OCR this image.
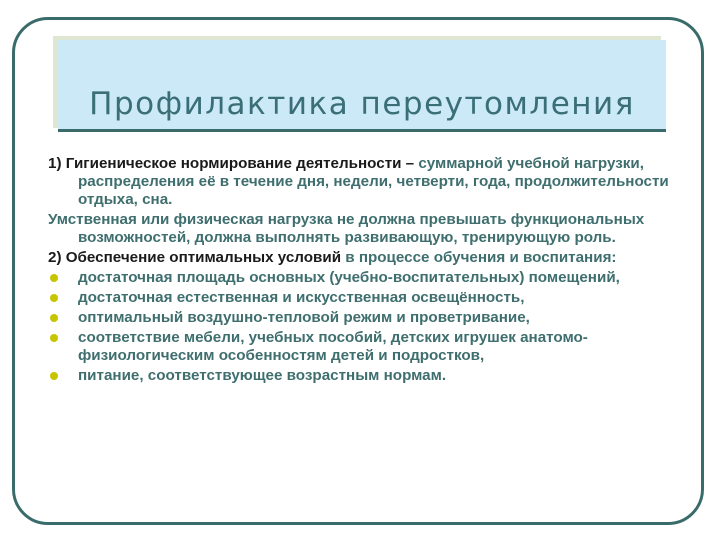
Профилактика переутомления

1) Гигиеническое нормирование деятельности – суммарной учебной нагрузки, распределения её в течение дня, недели, четверти, года, продолжительности отдыха, сна.

Умственная или физическая нагрузка не должна превышать функциональных возможностей, должна выполнять развивающую, тренирующую роль.

2) Обеспечение оптимальных условий в процессе обучения и воспитания:

достаточная площадь основных (учебно-воспитательных) помещений,
достаточная естественная и искусственная освещённость,
оптимальный воздушно-тепловой режим и проветривание,
соответствие мебели, учебных пособий, детских игрушек анатомо-физиологическим особенностям детей и подростков,
питание, соответствующее возрастным нормам.
